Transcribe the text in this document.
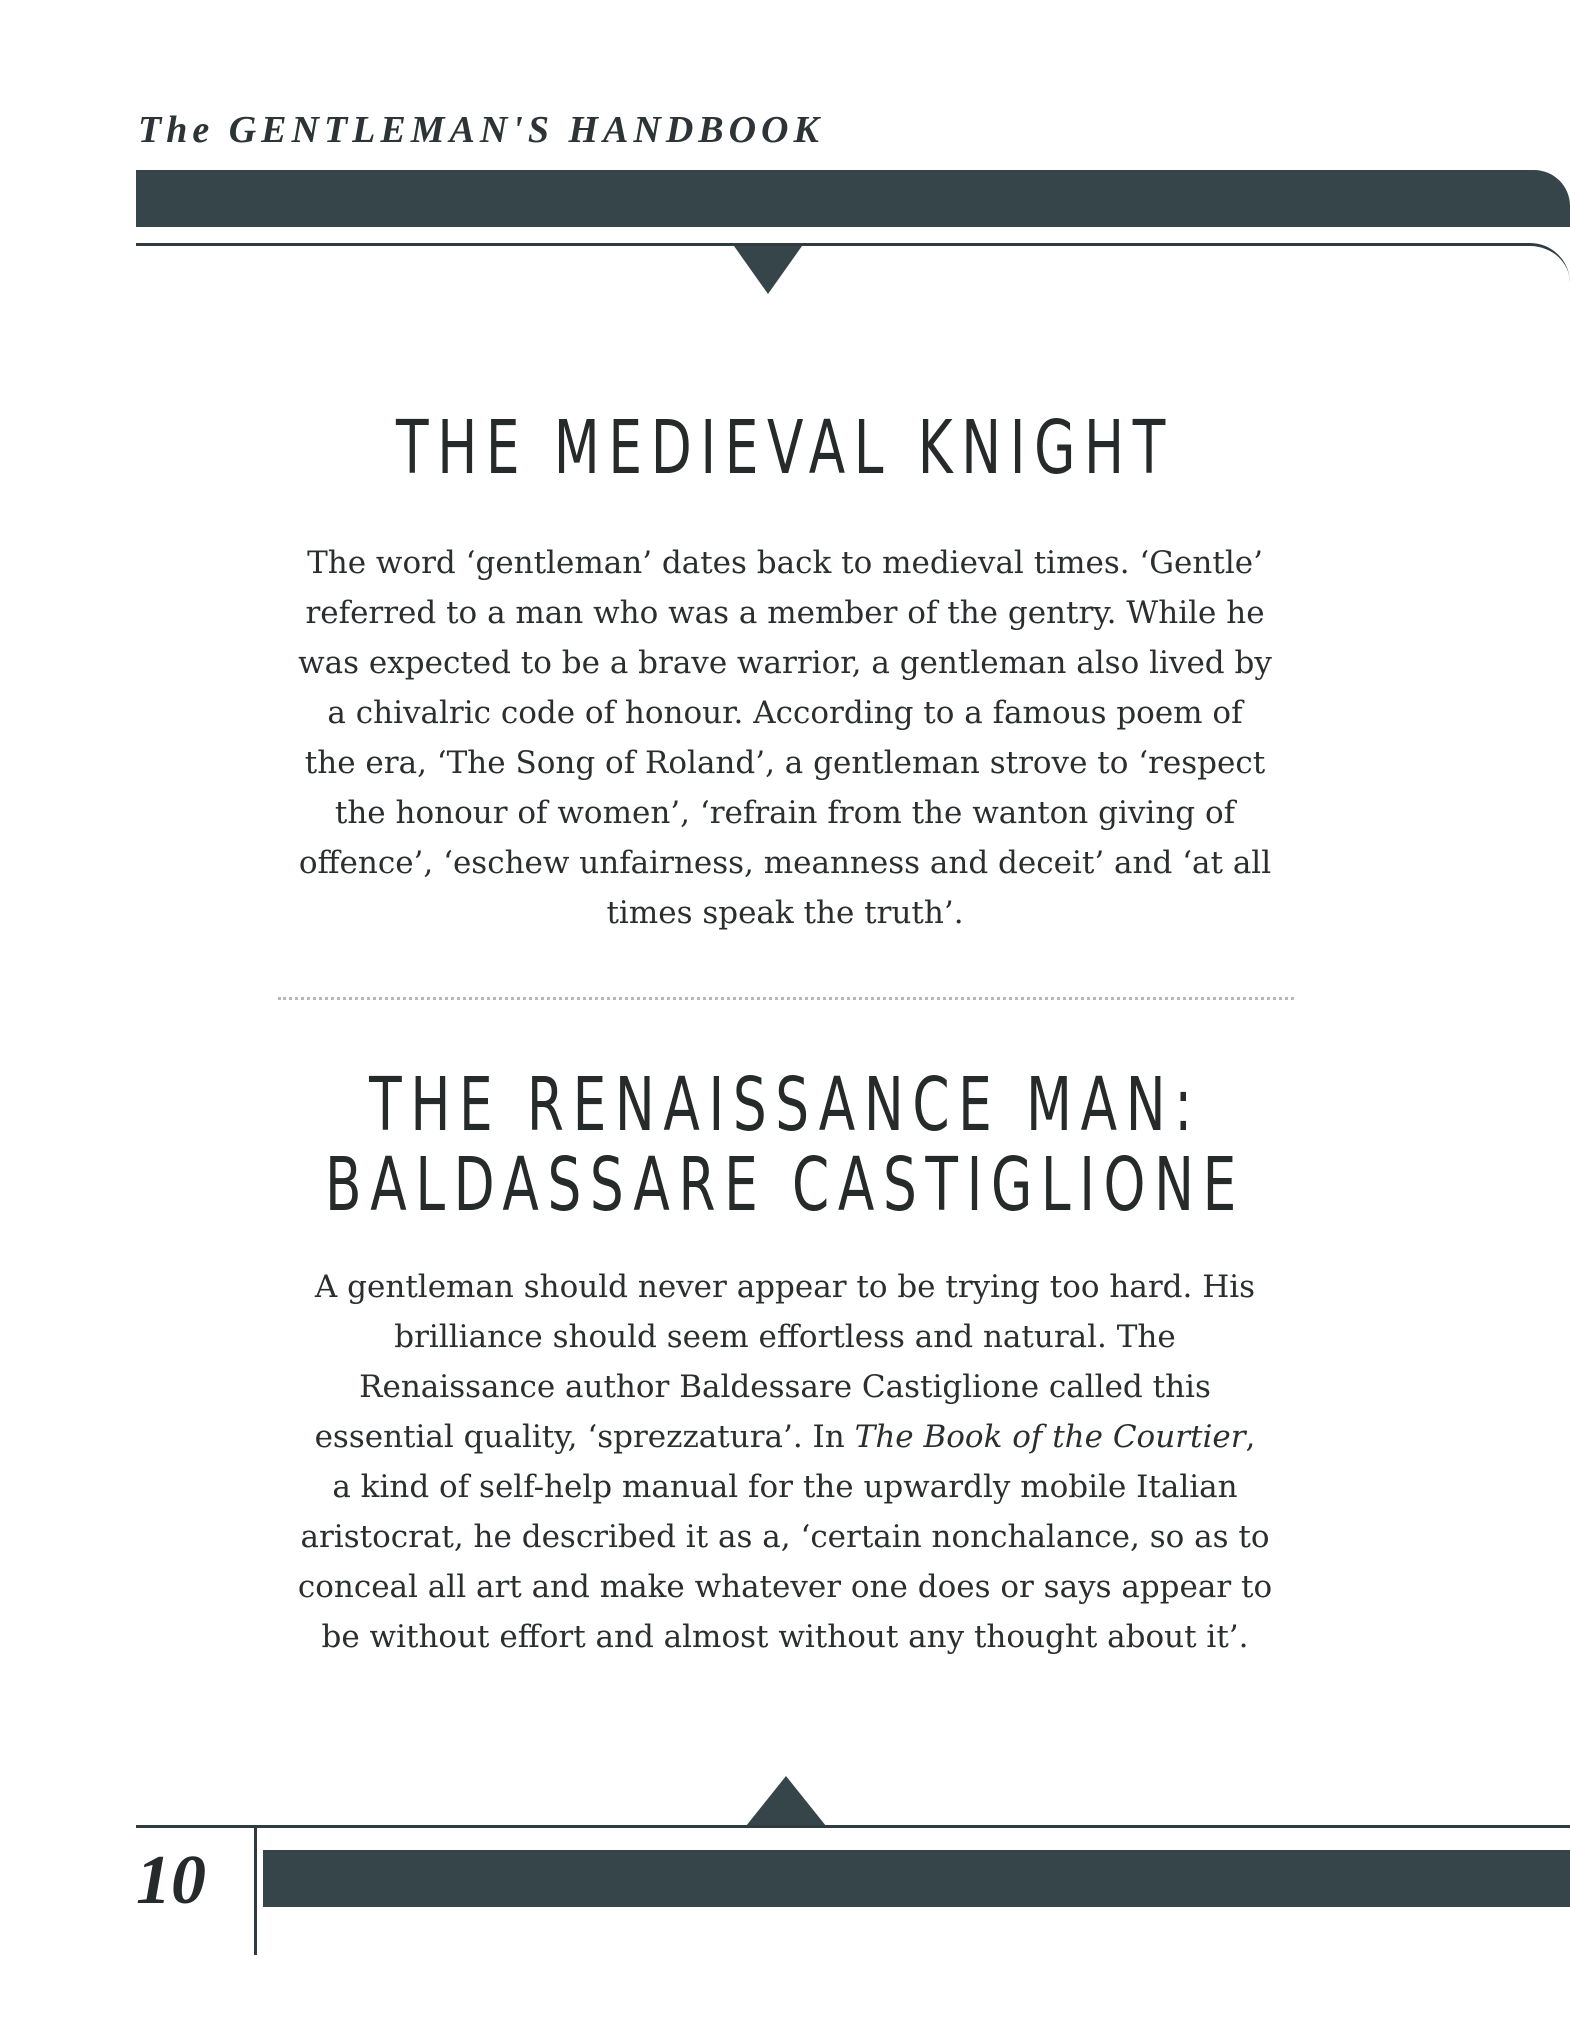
The GENTLEMAN'S HANDBOOK
THE MEDIEVAL KNIGHT
The word ‘gentleman’ dates back to medieval times. ‘Gentle’
referred to a man who was a member of the gentry. While he
was expected to be a brave warrior, a gentleman also lived by
a chivalric code of honour. According to a famous poem of
the era, ‘The Song of Roland’, a gentleman strove to ‘respect
the honour of women’, ‘refrain from the wanton giving of
offence’, ‘eschew unfairness, meanness and deceit’ and ‘at all
times speak the truth’.
THE RENAISSANCE MAN:
BALDASSARE CASTIGLIONE
A gentleman should never appear to be trying too hard. His
brilliance should seem effortless and natural. The
Renaissance author Baldessare Castiglione called this
essential quality, ‘sprezzatura’. In The Book of the Courtier,
a kind of self-help manual for the upwardly mobile Italian
aristocrat, he described it as a, ‘certain nonchalance, so as to
conceal all art and make whatever one does or says appear to
be without effort and almost without any thought about it’.
10
